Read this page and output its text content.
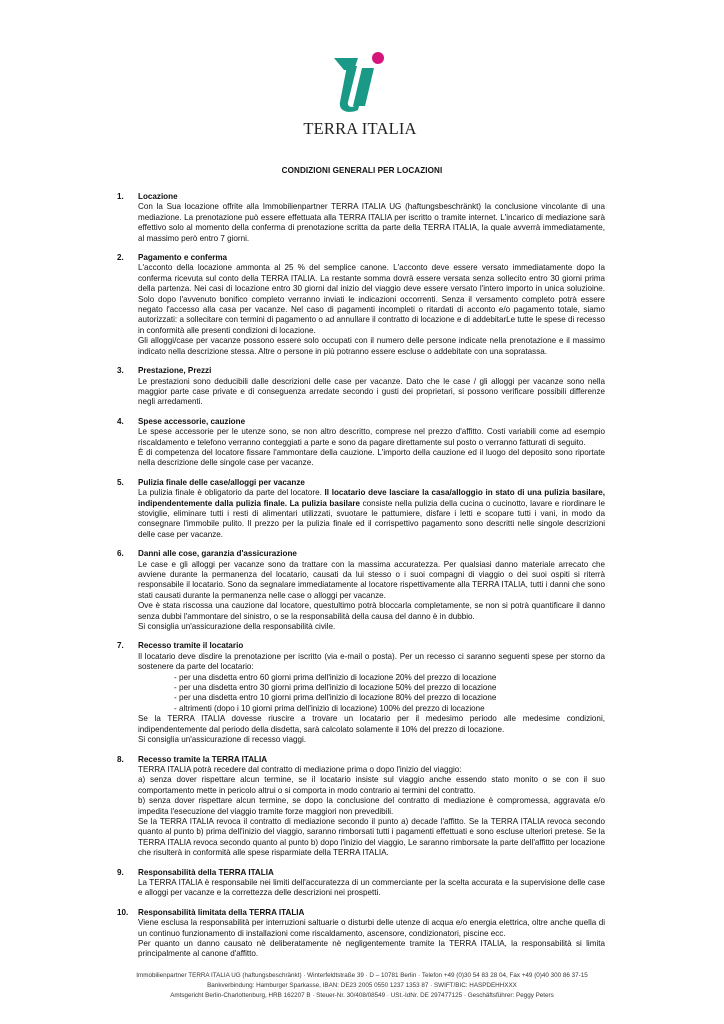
TERRA ITALIA
CONDIZIONI GENERALI PER LOCAZIONI
1. Locazione

Con la Sua locazione offrite alla Immobilienpartner TERRA ITALIA UG (haftungsbeschränkt) la conclusione vincolante di una mediazione. La prenotazione può essere effettuata alla TERRA ITALIA per iscritto o tramite internet. L'incarico di mediazione sarà effettivo solo al momento della conferma di prenotazione scritta da parte della TERRA ITALIA, la quale avverrà immediatamente, al massimo però entro 7 giorni.

2. Pagamento e conferma

L'acconto della locazione ammonta al 25 % del semplice canone. L'acconto deve essere versato immediatamente dopo la conferma ricevuta sul conto della TERRA ITALIA. La restante somma dovrà essere versata senza sollecito entro 30 giorni prima della partenza. Nei casi di locazione entro 30 giorni dal inizio del viaggio deve essere versato l'intero importo in unica soluzioine. Solo dopo l'avvenuto bonifico completo verranno inviati le indicazioni occorrenti. Senza il versamento completo potrà essere negato l'accesso alla casa per vacanze. Nel caso di pagamenti incompleti o ritardati di acconto e/o pagamento totale, siamo autorizzati: a sollecitare con termini di pagamento o ad annullare il contratto di locazione e di addebitarLe tutte le spese di recesso in conformità alle presenti condizioni di locazione.

Gli alloggi/case per vacanze possono essere solo occupati con il numero delle persone indicate nella prenotazione e il massimo indicato nella descrizione stessa. Altre o persone in più potranno essere escluse o addebitate con una sopratassa.

3. Prestazione, Prezzi

Le prestazioni sono deducibili dalle descrizioni delle case per vacanze. Dato che le case / gli alloggi per vacanze sono nella maggior parte case private e di conseguenza arredate secondo i gusti dei proprietari, si possono verificare possibili differenze negli arredamenti.

4. Spese accessorie, cauzione

Le spese accessorie per le utenze sono, se non altro descritto, comprese nel prezzo d'affitto. Costi variabili come ad esempio riscaldamento e telefono verranno conteggiati a parte e sono da pagare direttamente sul posto o verranno fatturati di seguito.

È di competenza del locatore fissare l'ammontare della cauzione. L'importo della cauzione ed il luogo del deposito sono riportate nella descrizione delle singole case per vacanze.

5. Pulizia finale delle case/alloggi per vacanze

La pulizia finale è obligatorio da parte del locatore. Il locatario deve lasciare la casa/alloggio in stato di una pulizia basilare, indipendentemente dalla pulizia finale. La pulizia basilare consiste nella pulizia della cucina o cucinotto, lavare e riordinare le stoviglie, eliminare tutti i resti di alimentari utilizzati, svuotare le pattumiere, disfare i letti e scopare tutti i vani, in modo da consegnare l'immobile pulito. Il prezzo per la pulizia finale ed il corrispettivo pagamento sono descritti nelle singole descrizioni delle case per vacanze.

6. Danni alle cose, garanzia d'assicurazione

Le case e gli alloggi per vacanze sono da trattare con la massima accuratezza. Per qualsiasi danno materiale arrecato che avviene durante la permanenza del locatario, causati da lui stesso o i suoi compagni di viaggio o dei suoi ospiti si riterrà responsabile il locatario. Sono da segnalare immediatamente al locatore rispettivamente alla TERRA ITALIA, tutti i danni che sono stati causati durante la permanenza nelle case o alloggi per vacanze.

Ove è stata riscossa una cauzione dal locatore, questultimo potrà bloccarla completamente, se non si potrà quantificare il danno senza dubbi l'ammontare del sinistro, o se la responsabilità della causa del danno è in dubbio.

Si consiglia un'assicurazione della responsabilità civile.

7. Recesso tramite il locatario

Il locatario deve disdire la prenotazione per iscritto (via e-mail o posta). Per un recesso ci saranno seguenti spese per storno da sostenere da parte del locatario:

- per una disdetta entro 60 giorni prima dell'inizio di locazione 20% del prezzo di locazione

- per una disdetta entro 30 giorni prima dell'inizio di locazione 50% del prezzo di locazione

- per una disdetta entro 10 giorni prima dell'inizio di locazione 80% del prezzo di locazione

- altrimenti (dopo i 10 giorni prima dell'inizio di locazione) 100% del prezzo di locazione

Se la TERRA ITALIA dovesse riuscire a trovare un locatario per il medesimo periodo alle medesime condizioni, indipendentemente dal periodo della disdetta, sarà calcolato solamente il 10% del prezzo di locazione.

Si consiglia un'assicurazione di recesso viaggi.

8. Recesso tramite la TERRA ITALIA

TERRA ITALIA potrà recedere dal contratto di mediazione prima o dopo l'inizio del viaggio:

a) senza dover rispettare alcun termine, se il locatario insiste sul viaggio anche essendo stato monito o se con il suo comportamento mette in pericolo altrui o si comporta in modo contrario ai termini del contratto.

b) senza dover rispettare alcun termine, se dopo la conclusione del contratto di mediazione è compromessa, aggravata e/o impedita l'esecuzione del viaggio tramite forze maggiori non prevedibili.

Se la TERRA ITALIA revoca il contratto di mediazione secondo il punto a) decade l'affitto. Se la TERRA ITALIA revoca secondo quanto al punto b) prima dell'inizio del viaggio, saranno rimborsati tutti i pagamenti effettuati e sono escluse ulteriori pretese. Se la TERRA ITALIA revoca secondo quanto al punto b) dopo l'inizio del viaggio, Le saranno rimborsate la parte dell'affitto per locazione che risulterà in conformità alle spese risparmiate della TERRA ITALIA.

9. Responsabilità della TERRA ITALIA

La TERRA ITALIA è responsabile nei limiti dell'accuratezza di un commerciante per la scelta accurata e la supervisione delle case e alloggi per vacanze e la correttezza delle descrizioni nei prospetti.

10. Responsabilità limitata della TERRA ITALIA

Viene esclusa la responsabilità per interruzioni saltuarie o disturbi delle utenze di acqua e/o energia elettrica, oltre anche quella di un continuo funzionamento di installazioni come riscaldamento, ascensore, condizionatori, piscine ecc.

Per quanto un danno causato nè deliberatamente nè negligentemente tramite la TERRA ITALIA, la responsabilità si limita principalmente al canone d'affitto.

Immobilienpartner TERRA ITALIA UG (haftungsbeschränkt) · Winterfeldtstraße 39 · D – 10781 Berlin · Telefon +49 (0)30 54 83 28 04, Fax +49 (0)40 300 86 37-15
Bankverbindung: Hamburger Sparkasse, IBAN: DE23 2005 0550 1237 1353 87 · SWIFT/BIC: HASPDEHHXXX
Amtsgericht Berlin-Charlottenburg, HRB 162207 B · Steuer-Nr. 30/408/08549 · USt.-IdNr. DE 297477125 · Geschäftsführer: Peggy Peters
